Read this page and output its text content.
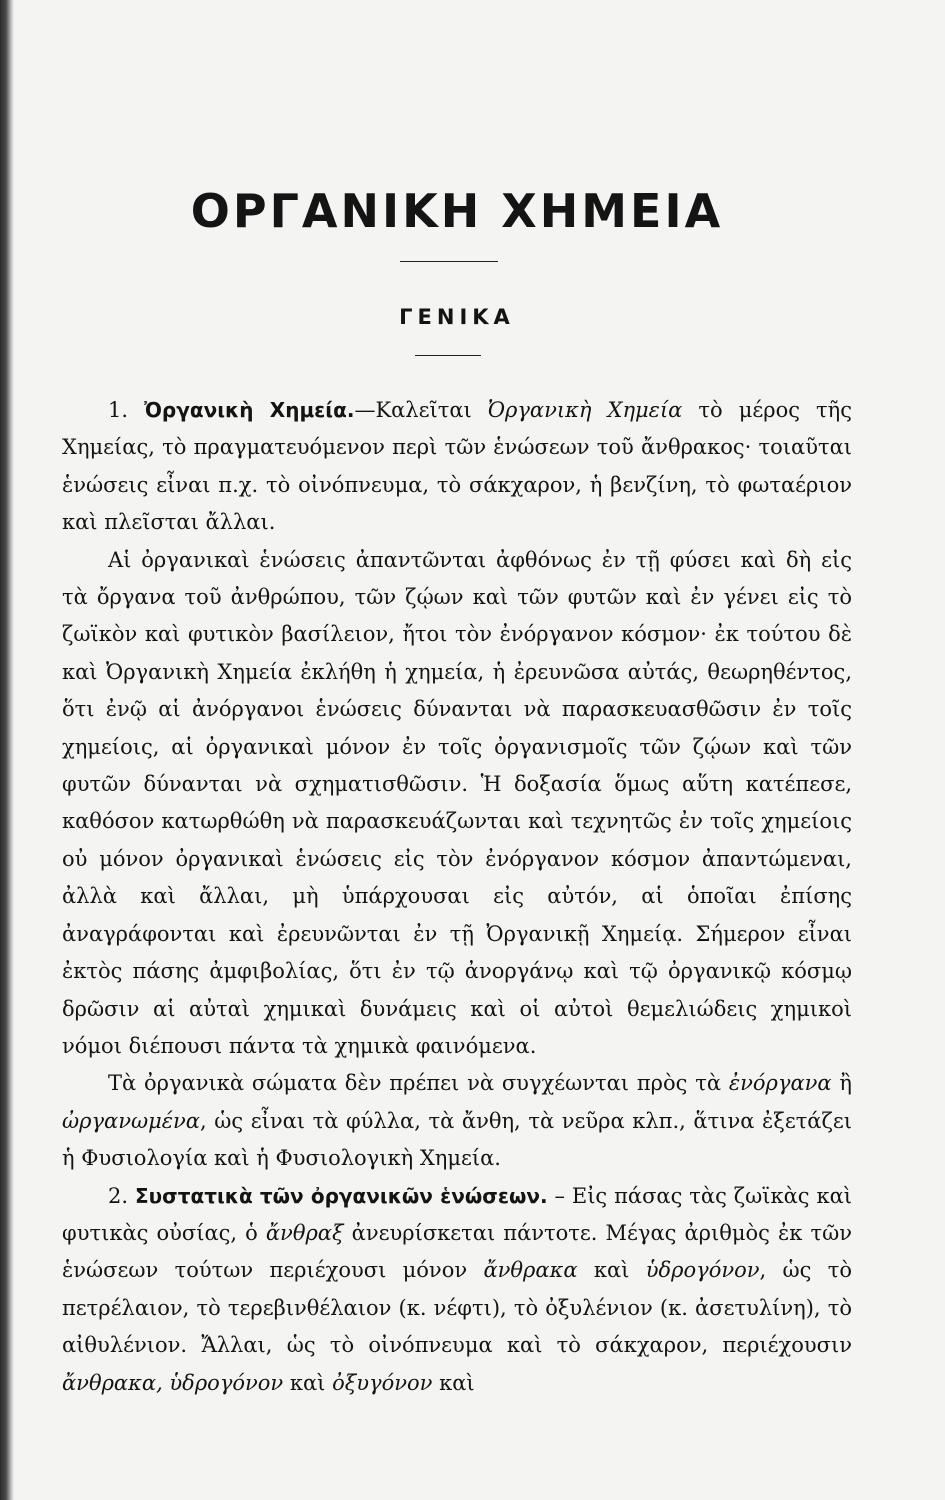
ΟΡΓΑΝΙΚΗ ΧΗΜΕΙΑ
ΓΕΝΙΚΑ

1. Ὀργανικὴ Χημεία.—Καλεῖται Ὀργανικὴ Χημεία τὸ μέρος τῆς Χημείας, τὸ πραγματευόμενον περὶ τῶν ἑνώσεων τοῦ ἄνθρακος· τοιαῦται ἑνώσεις εἶναι π.χ. τὸ οἰνόπνευμα, τὸ σάκχαρον, ἡ βενζίνη, τὸ φωταέριον καὶ πλεῖσται ἄλλαι.

Αἱ ὀργανικαὶ ἑνώσεις ἀπαντῶνται ἀφθόνως ἐν τῇ φύσει καὶ δὴ εἰς τὰ ὄργανα τοῦ ἀνθρώπου, τῶν ζῴων καὶ τῶν φυτῶν καὶ ἐν γένει εἰς τὸ ζωϊκὸν καὶ φυτικὸν βασίλειον, ἤτοι τὸν ἐνόργανον κόσμον· ἐκ τούτου δὲ καὶ Ὀργανικὴ Χημεία ἐκλήθη ἡ χημεία, ἡ ἐρευνῶσα αὐτάς, θεωρηθέντος, ὅτι ἐνῷ αἱ ἀνόργανοι ἑνώσεις δύνανται νὰ παρασκευασθῶσιν ἐν τοῖς χημείοις, αἱ ὀργανικαὶ μόνον ἐν τοῖς ὀργανισμοῖς τῶν ζῴων καὶ τῶν φυτῶν δύνανται νὰ σχηματισθῶσιν. Ἡ δοξασία ὅμως αὕτη κατέπεσε, καθόσον κατωρθώθη νὰ παρασκευάζωνται καὶ τεχνητῶς ἐν τοῖς χημείοις οὐ μόνον ὀργανικαὶ ἑνώσεις εἰς τὸν ἐνόργανον κόσμον ἀπαντώμεναι, ἀλλὰ καὶ ἄλλαι, μὴ ὑπάρχουσαι εἰς αὐτόν, αἱ ὁποῖαι ἐπίσης ἀναγράφονται καὶ ἐρευνῶνται ἐν τῇ Ὀργανικῇ Χημείᾳ. Σήμερον εἶναι ἐκτὸς πάσης ἀμφιβολίας, ὅτι ἐν τῷ ἀνοργάνῳ καὶ τῷ ὀργανικῷ κόσμῳ δρῶσιν αἱ αὐταὶ χημικαὶ δυνάμεις καὶ οἱ αὐτοὶ θεμελιώδεις χημικοὶ νόμοι διέπουσι πάντα τὰ χημικὰ φαινόμενα.

Τὰ ὀργανικὰ σώματα δὲν πρέπει νὰ συγχέωνται πρὸς τὰ ἐνόργανα ἢ ὠργανωμένα, ὡς εἶναι τὰ φύλλα, τὰ ἄνθη, τὰ νεῦρα κλπ., ἅτινα ἐξετάζει ἡ Φυσιολογία καὶ ἡ Φυσιολογικὴ Χημεία.

2. Συστατικὰ τῶν ὀργανικῶν ἑνώσεων. – Εἰς πάσας τὰς ζωϊκὰς καὶ φυτικὰς οὐσίας, ὁ ἄνθραξ ἀνευρίσκεται πάντοτε. Μέγας ἀριθμὸς ἐκ τῶν ἑνώσεων τούτων περιέχουσι μόνον ἄνθρακα καὶ ὑδρογόνον, ὡς τὸ πετρέλαιον, τὸ τερεβινθέλαιον (κ. νέφτι), τὸ ὀξυλένιον (κ. ἀσετυλίνη), τὸ αἰθυλένιον. Ἄλλαι, ὡς τὸ οἰνόπνευμα καὶ τὸ σάκχαρον, περιέχουσιν ἄνθρακα, ὑδρογόνον καὶ ὀξυγόνον καὶ
